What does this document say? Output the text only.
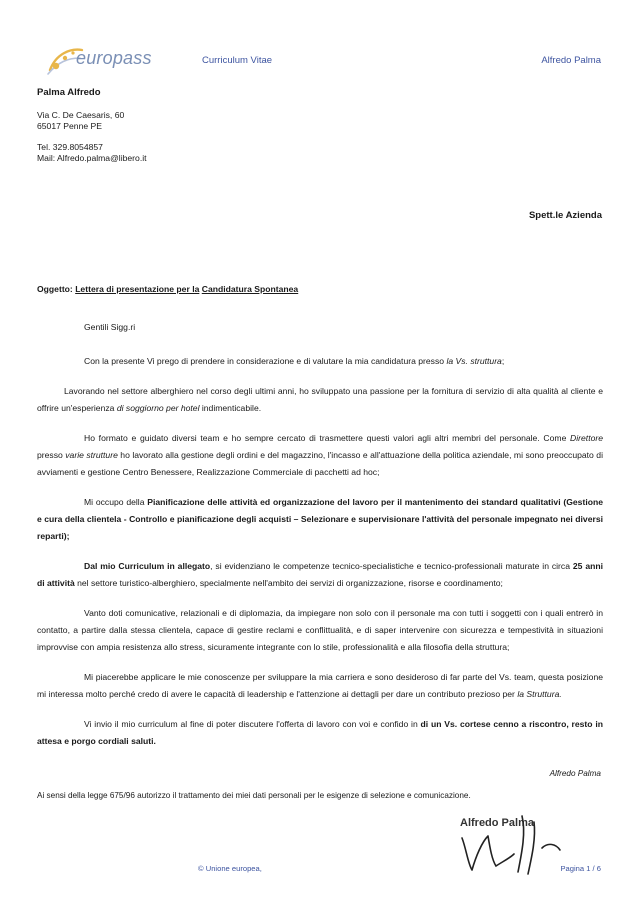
europass	Curriculum Vitae	Alfredo Palma
Palma Alfredo
Via C. De Caesaris, 60
65017 Penne PE
Tel. 329.8054857
Mail: Alfredo.palma@libero.it
Spett.le Azienda
Oggetto: Lettera di presentazione per la Candidatura Spontanea

Gentili Sigg.ri

Con la presente Vi prego di prendere in considerazione e di valutare la mia candidatura presso la Vs. struttura;

Lavorando nel settore alberghiero nel corso degli ultimi anni, ho sviluppato una passione per la fornitura di servizio di alta qualità al cliente e offrire un'esperienza di soggiorno per hotel indimenticabile.

Ho formato e guidato diversi team e ho sempre cercato di trasmettere questi valori agli altri membri del personale. Come Direttore presso varie strutture ho lavorato alla gestione degli ordini e del magazzino, l'incasso e all'attuazione della politica aziendale, mi sono preoccupato di avviamenti e gestione Centro Benessere, Realizzazione Commerciale di pacchetti ad hoc;

Mi occupo della Pianificazione delle attività ed organizzazione del lavoro per il mantenimento dei standard qualitativi (Gestione e cura della clientela - Controllo e pianificazione degli acquisti – Selezionare e supervisionare l'attività del personale impegnato nei diversi reparti);

Dal mio Curriculum in allegato, si evidenziano le competenze tecnico-specialistiche e tecnico-professionali maturate in circa 25 anni di attività nel settore turistico-alberghiero, specialmente nell'ambito dei servizi di organizzazione, risorse e coordinamento;

Vanto doti comunicative, relazionali e di diplomazia, da impiegare non solo con il personale ma con tutti i soggetti con i quali entrerò in contatto, a partire dalla stessa clientela, capace di gestire reclami e conflittualità, e di saper intervenire con sicurezza e tempestività in situazioni improvvise con ampia resistenza allo stress, sicuramente integrante con lo stile, professionalità e alla filosofia della struttura;

Mi piacerebbe applicare le mie conoscenze per sviluppare la mia carriera e sono desideroso di far parte del Vs. team, questa posizione mi interessa molto perché credo di avere le capacità di leadership e l'attenzione ai dettagli per dare un contributo prezioso per la Struttura.

Vi invio il mio curriculum al fine di poter discutere l'offerta di lavoro con voi e confido in di un Vs. cortese cenno a riscontro, resto in attesa e porgo cordiali saluti.

Alfredo Palma
Ai sensi della legge 675/96 autorizzo il trattamento dei miei dati personali per le esigenze di selezione e comunicazione.
Alfredo Palma
© Unione europea,	Pagina 1 / 6
